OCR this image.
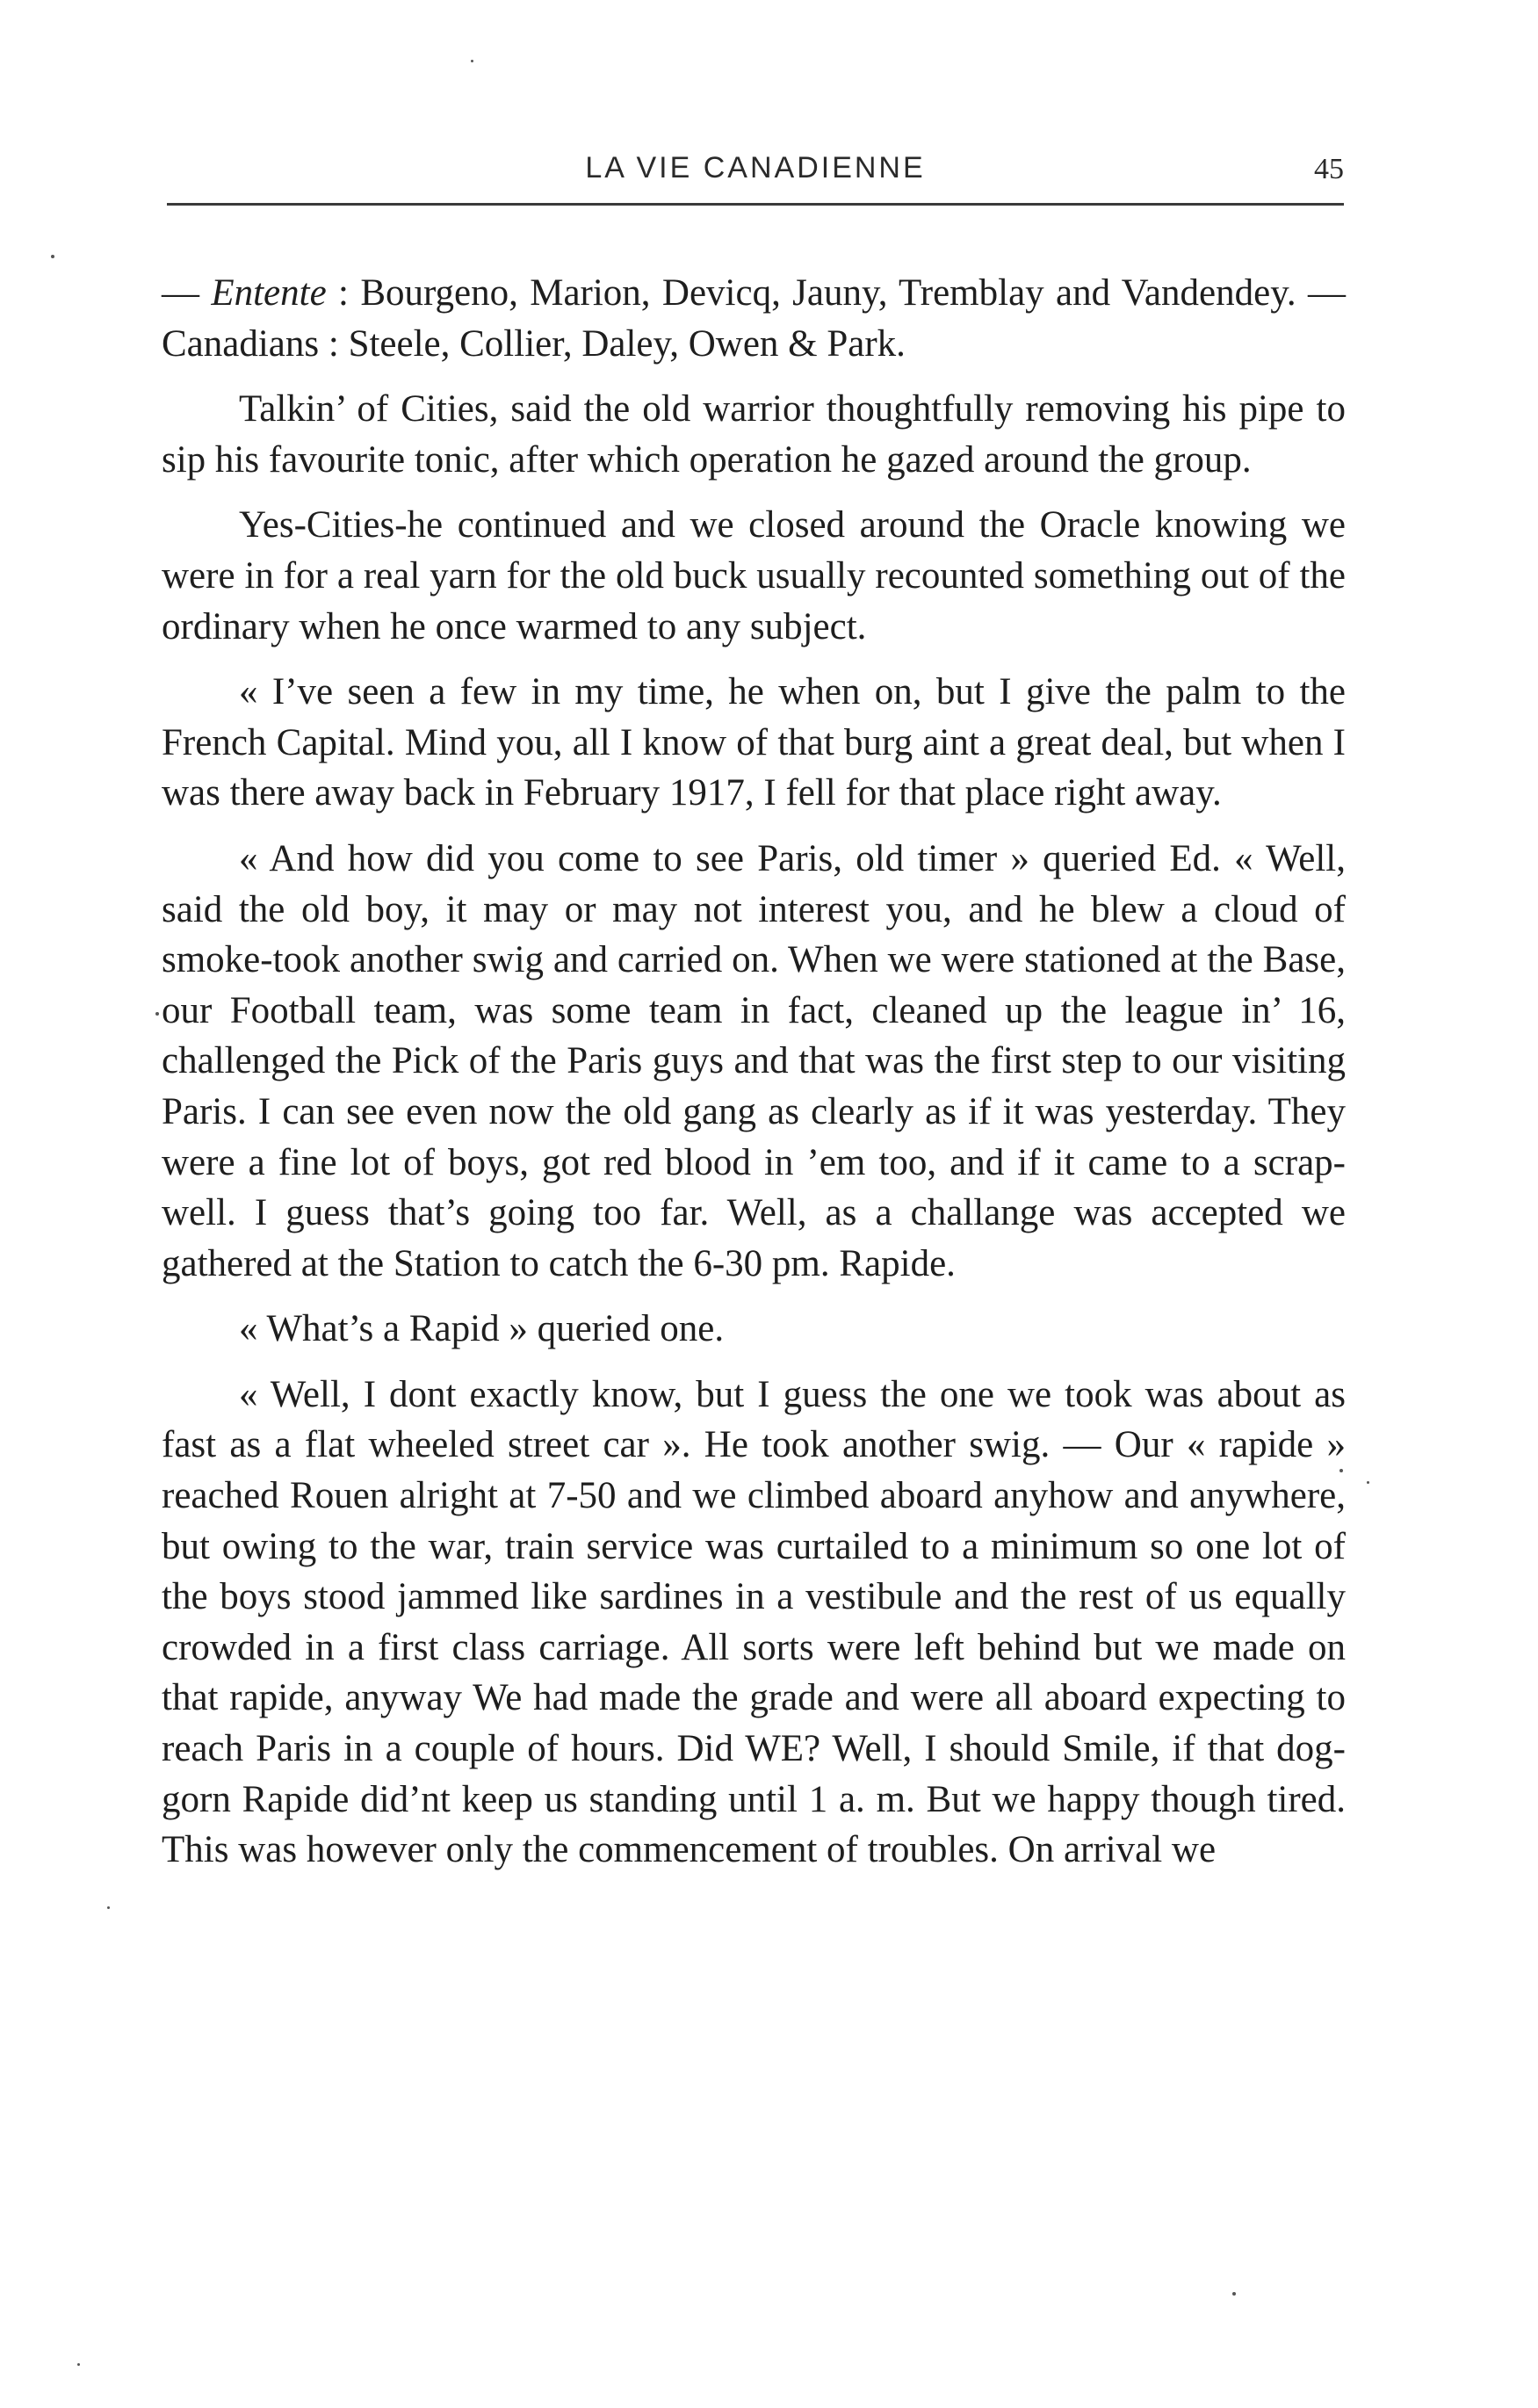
LA VIE CANADIENNE	45

— Entente : Bourgeno, Marion, Devicq, Jauny, Tremblay and Vandendey. — Canadians : Steele, Collier, Daley, Owen & Park.

Talkin’ of Cities, said the old warrior thoughtfully removing his pipe to sip his favourite tonic, after which operation he gazed around the group.

Yes-Cities-he continued and we closed around the Oracle knowing we were in for a real yarn for the old buck usually recounted something out of the ordinary when he once warmed to any subject.

« I’ve seen a few in my time, he when on, but I give the palm to the French Capital. Mind you, all I know of that burg aint a great deal, but when I was there away back in February 1917, I fell for that place right away.

« And how did you come to see Paris, old timer » queried Ed. « Well, said the old boy, it may or may not interest you, and he blew a cloud of smoke-took another swig and carried on. When we were stationed at the Base, our Football team, was some team in fact, cleaned up the league in’ 16, challenged the Pick of the Paris guys and that was the first step to our visiting Paris. I can see even now the old gang as clearly as if it was yesterday. They were a fine lot of boys, got red blood in ’em too, and if it came to a scrap-well. I guess that’s going too far. Well, as a challange was accepted we gathered at the Station to catch the 6-30 pm. Rapide.

« What’s a Rapid » queried one.

« Well, I dont exactly know, but I guess the one we took was about as fast as a flat wheeled street car ». He took another swig. — Our « rapide » reached Rouen alright at 7-50 and we climbed aboard anyhow and anywhere, but owing to the war, train service was curtailed to a minimum so one lot of the boys stood jammed like sardines in a vestibule and the rest of us equally crowded in a first class carriage. All sorts were left behind but we made on that rapide, anyway We had made the grade and were all aboard expecting to reach Paris in a couple of hours. Did WE? Well, I should Smile, if that dog-gorn Rapide did’nt keep us standing until 1 a. m. But we happy though tired. This was however only the commencement of troubles. On arrival we
